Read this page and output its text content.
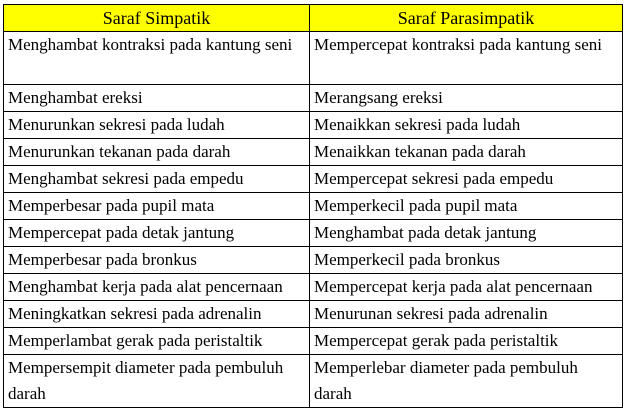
Saraf Simpatik	Saraf Parasimpatik
Menghambat kontraksi pada kantung seni	Mempercepat kontraksi pada kantung seni
Menghambat ereksi	Merangsang ereksi
Menurunkan sekresi pada ludah	Menaikkan sekresi pada ludah
Menurunkan tekanan pada darah	Menaikkan tekanan pada darah
Menghambat sekresi pada empedu	Mempercepat sekresi pada empedu
Memperbesar pada pupil mata	Memperkecil pada pupil mata
Mempercepat pada detak jantung	Menghambat pada detak jantung
Memperbesar pada bronkus	Memperkecil pada bronkus
Menghambat kerja pada alat pencernaan	Mempercepat kerja pada alat pencernaan
Meningkatkan sekresi pada adrenalin	Menurunan sekresi pada adrenalin
Memperlambat gerak pada peristaltik	Mempercepat gerak pada peristaltik
Mempersempit diameter pada pembuluh darah	Memperlebar diameter pada pembuluh darah
